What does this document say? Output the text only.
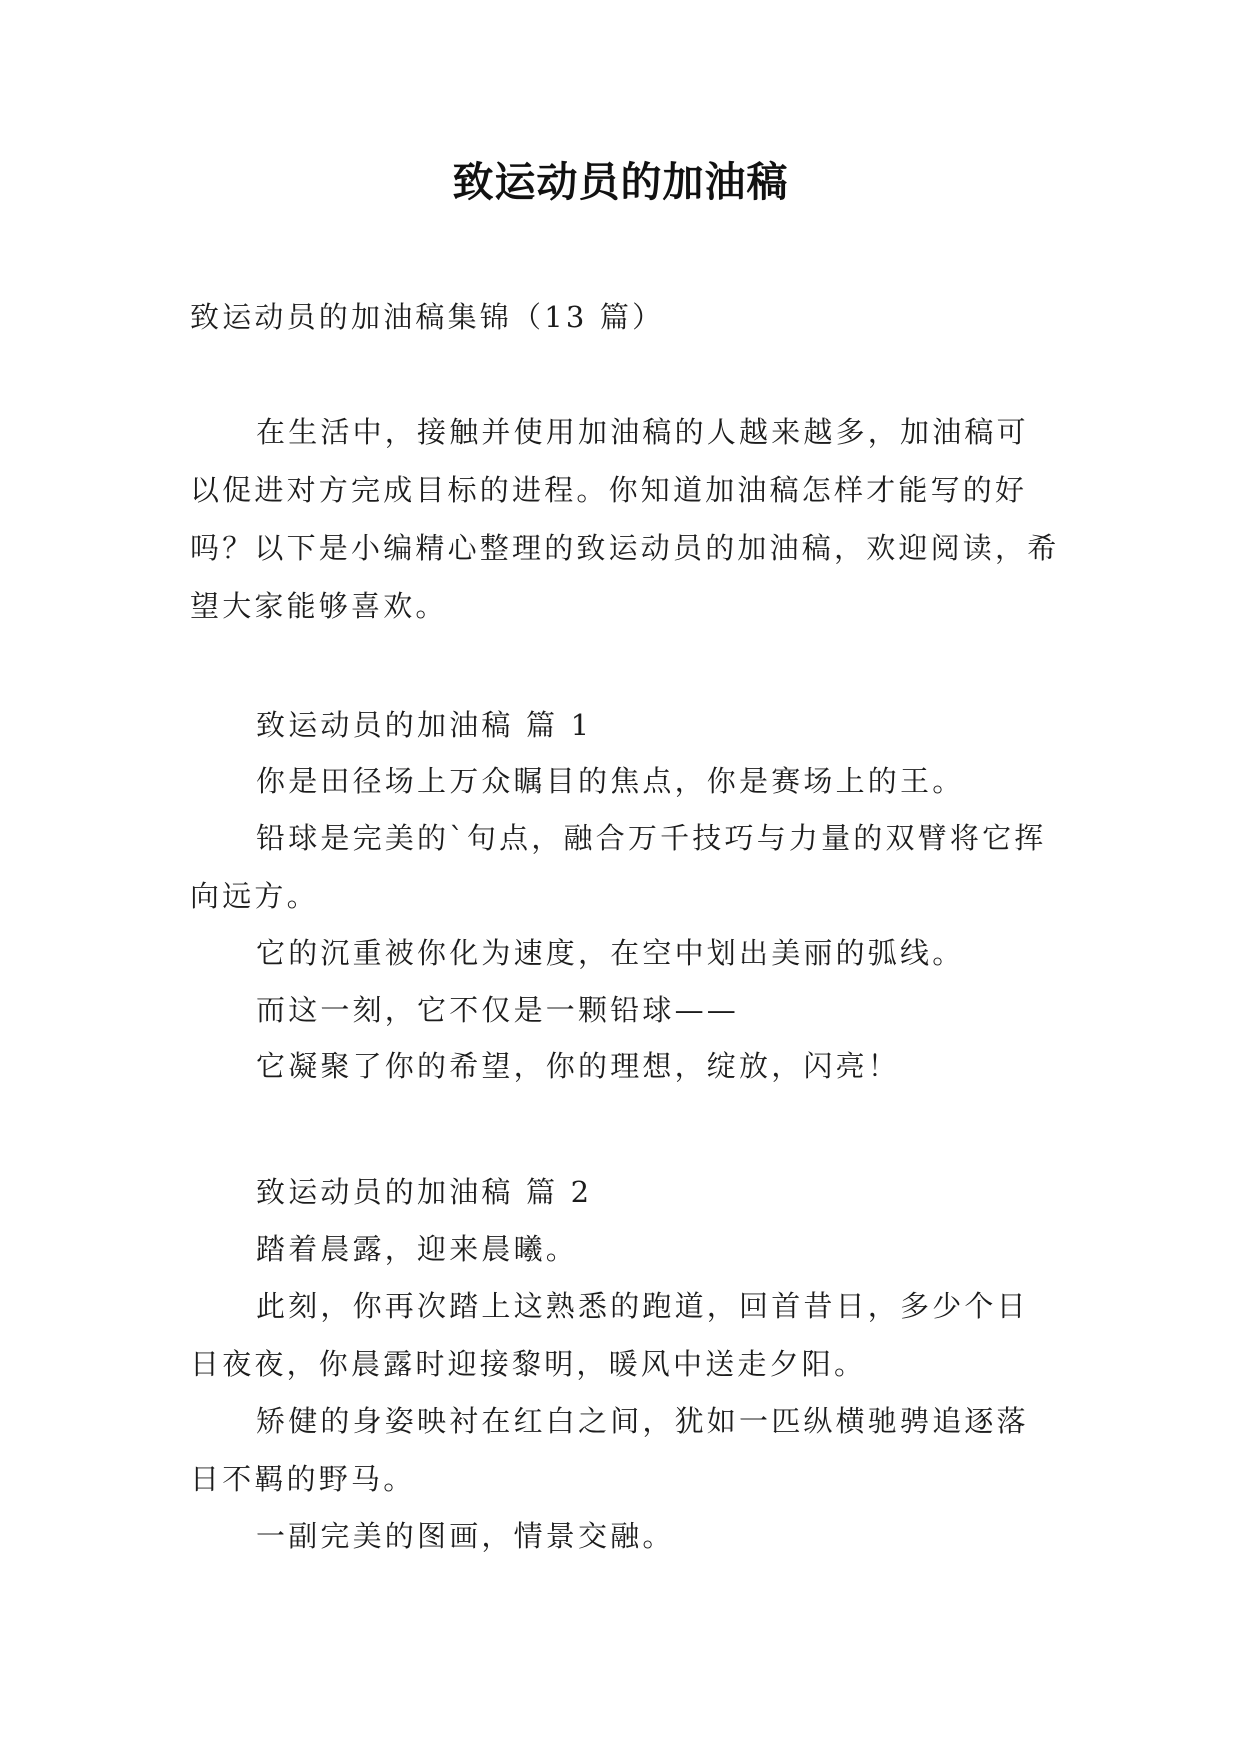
致运动员的加油稿

致运动员的加油稿集锦（13 篇）

在生活中，接触并使用加油稿的人越来越多，加油稿可以促进对方完成目标的进程。你知道加油稿怎样才能写的好吗？以下是小编精心整理的致运动员的加油稿，欢迎阅读，希望大家能够喜欢。

致运动员的加油稿 篇 1

你是田径场上万众瞩目的焦点，你是赛场上的王。

铅球是完美的`句点，融合万千技巧与力量的双臂将它挥向远方。

它的沉重被你化为速度，在空中划出美丽的弧线。

而这一刻，它不仅是一颗铅球——

它凝聚了你的希望，你的理想，绽放，闪亮！

致运动员的加油稿 篇 2

踏着晨露，迎来晨曦。

此刻，你再次踏上这熟悉的跑道，回首昔日，多少个日日夜夜，你晨露时迎接黎明，暖风中送走夕阳。

矫健的身姿映衬在红白之间，犹如一匹纵横驰骋追逐落日不羁的野马。

一副完美的图画，情景交融。
